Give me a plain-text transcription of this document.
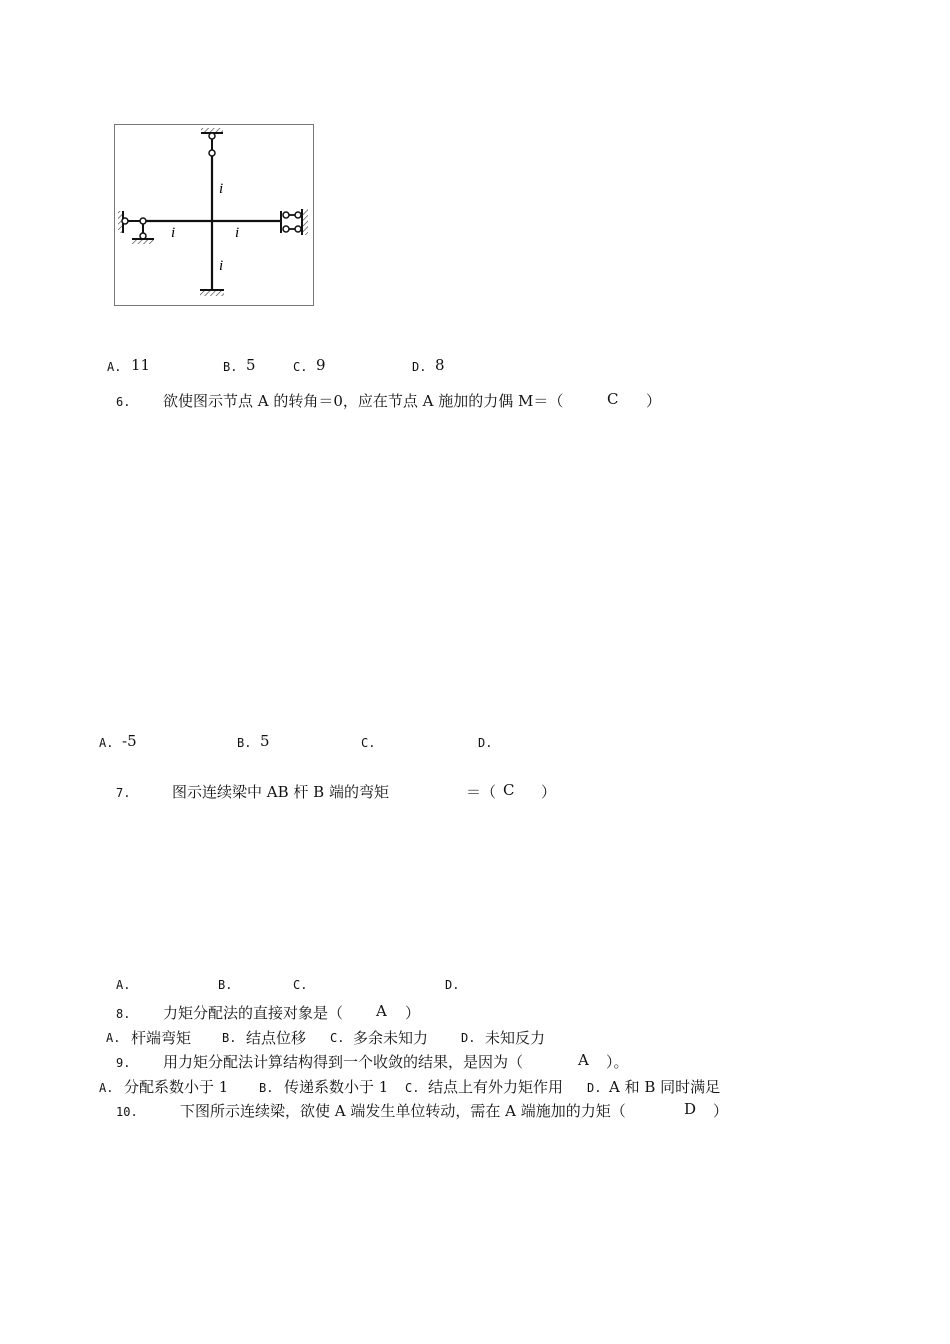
i
i	i
i
A. 11	B. 5	C. 9	D. 8
6. 欲使图示节点 A 的转角＝0，应在节点 A 施加的力偶 M＝（	C ）
A. -5	B. 5	C.	D.
7.	图示连续梁中 AB 杆 B 端的弯矩	＝（ C ）
A.	B.	C.	D.
8. 力矩分配法的直接对象是（ A ）
A. 杆端弯矩	B. 结点位移 C. 多余未知力	D. 未知反力
9. 用力矩分配法计算结构得到一个收敛的结果，是因为（	A ）。
A. 分配系数小于 1	B. 传递系数小于 1 C. 结点上有外力矩作用 D. A 和 B 同时满足
10.	下图所示连续梁，欲使 A 端发生单位转动，需在 A 端施加的力矩（	D ）
